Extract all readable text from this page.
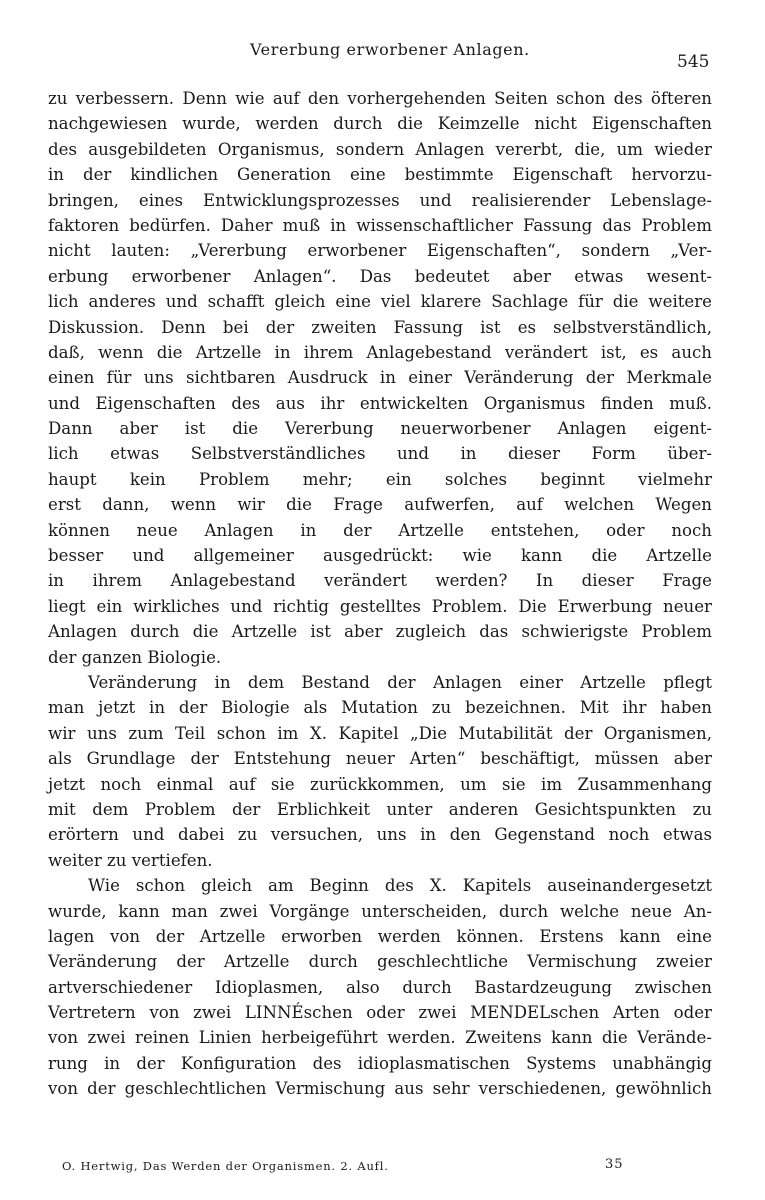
Vererbung erworbener Anlagen.
545
zu verbessern. Denn wie auf den vorhergehenden Seiten schon des öfteren
nachgewiesen wurde, werden durch die Keimzelle nicht Eigenschaften
des ausgebildeten Organismus, sondern Anlagen vererbt, die, um wieder
in der kindlichen Generation eine bestimmte Eigenschaft hervorzu-
bringen, eines Entwicklungsprozesses und realisierender Lebenslage-
faktoren bedürfen. Daher muß in wissenschaftlicher Fassung das Problem
nicht lauten: „Vererbung erworbener Eigenschaften“, sondern „Ver-
erbung erworbener Anlagen“. Das bedeutet aber etwas wesent-
lich anderes und schafft gleich eine viel klarere Sachlage für die weitere
Diskussion. Denn bei der zweiten Fassung ist es selbstverständlich,
daß, wenn die Artzelle in ihrem Anlagebestand verändert ist, es auch
einen für uns sichtbaren Ausdruck in einer Veränderung der Merkmale
und Eigenschaften des aus ihr entwickelten Organismus finden muß.
Dann aber ist die Vererbung neuerworbener Anlagen eigent-
lich etwas Selbstverständliches und in dieser Form über-
haupt kein Problem mehr; ein solches beginnt vielmehr
erst dann, wenn wir die Frage aufwerfen, auf welchen Wegen
können neue Anlagen in der Artzelle entstehen, oder noch
besser und allgemeiner ausgedrückt: wie kann die Artzelle
in ihrem Anlagebestand verändert werden? In dieser Frage
liegt ein wirkliches und richtig gestelltes Problem. Die Erwerbung neuer
Anlagen durch die Artzelle ist aber zugleich das schwierigste Problem
der ganzen Biologie.
Veränderung in dem Bestand der Anlagen einer Artzelle pflegt
man jetzt in der Biologie als Mutation zu bezeichnen. Mit ihr haben
wir uns zum Teil schon im X. Kapitel „Die Mutabilität der Organismen,
als Grundlage der Entstehung neuer Arten“ beschäftigt, müssen aber
jetzt noch einmal auf sie zurückkommen, um sie im Zusammenhang
mit dem Problem der Erblichkeit unter anderen Gesichtspunkten zu
erörtern und dabei zu versuchen, uns in den Gegenstand noch etwas
weiter zu vertiefen.
Wie schon gleich am Beginn des X. Kapitels auseinandergesetzt
wurde, kann man zwei Vorgänge unterscheiden, durch welche neue An-
lagen von der Artzelle erworben werden können. Erstens kann eine
Veränderung der Artzelle durch geschlechtliche Vermischung zweier
artverschiedener Idioplasmen, also durch Bastardzeugung zwischen
Vertretern von zwei LINNÉschen oder zwei MENDELschen Arten oder
von zwei reinen Linien herbeigeführt werden. Zweitens kann die Verände-
rung in der Konfiguration des idioplasmatischen Systems unabhängig
von der geschlechtlichen Vermischung aus sehr verschiedenen, gewöhnlich
O. Hertwig, Das Werden der Organismen. 2. Aufl.	35
